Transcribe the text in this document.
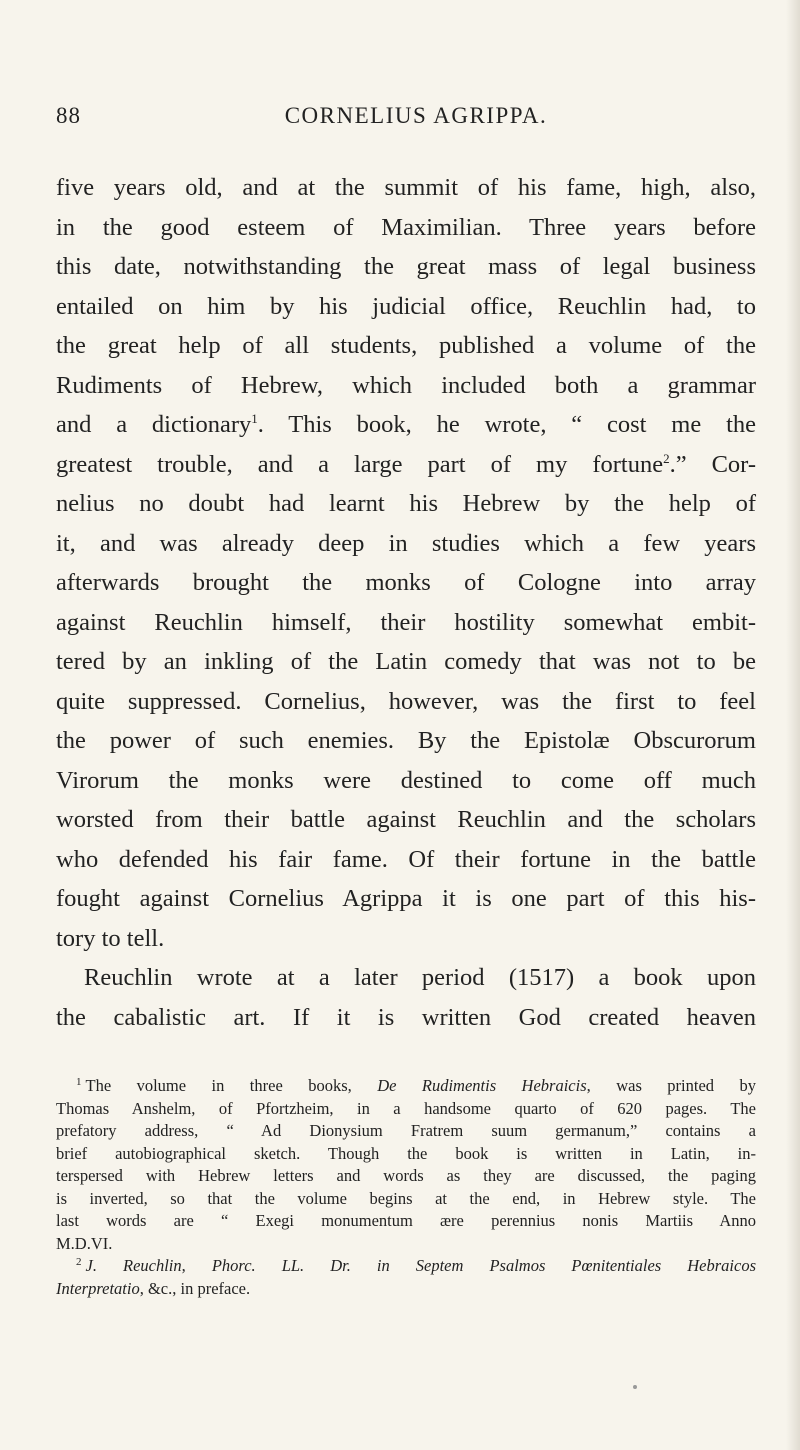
88	CORNELIUS AGRIPPA.
five years old, and at the summit of his fame, high, also,
in the good esteem of Maximilian. Three years before
this date, notwithstanding the great mass of legal business
entailed on him by his judicial office, Reuchlin had, to
the great help of all students, published a volume of the
Rudiments of Hebrew, which included both a grammar
and a dictionary$^1$. This book, he wrote, “ cost me the
greatest trouble, and a large part of my fortune$^2$.” Cor-
nelius no doubt had learnt his Hebrew by the help of
it, and was already deep in studies which a few years
afterwards brought the monks of Cologne into array
against Reuchlin himself, their hostility somewhat embit-
tered by an inkling of the Latin comedy that was not to be
quite suppressed. Cornelius, however, was the first to feel
the power of such enemies. By the Epistolæ Obscurorum
Virorum the monks were destined to come off much
worsted from their battle against Reuchlin and the scholars
who defended his fair fame. Of their fortune in the battle
fought against Cornelius Agrippa it is one part of this his-
tory to tell.
Reuchlin wrote at a later period (1517) a book upon
the cabalistic art. If it is written God created heaven
$^1$ The volume in three books, De Rudimentis Hebraicis, was printed by
Thomas Anshelm, of Pfortzheim, in a handsome quarto of 620 pages. The
prefatory address, “ Ad Dionysium Fratrem suum germanum,” contains a
brief autobiographical sketch. Though the book is written in Latin, in-
terspersed with Hebrew letters and words as they are discussed, the paging
is inverted, so that the volume begins at the end, in Hebrew style. The
last words are “ Exegi monumentum ære perennius nonis Martiis Anno
M.D.VI.
$^2$ J. Reuchlin, Phorc. LL. Dr. in Septem Psalmos Pœnitentiales Hebraicos
Interpretatio, &c., in preface.
